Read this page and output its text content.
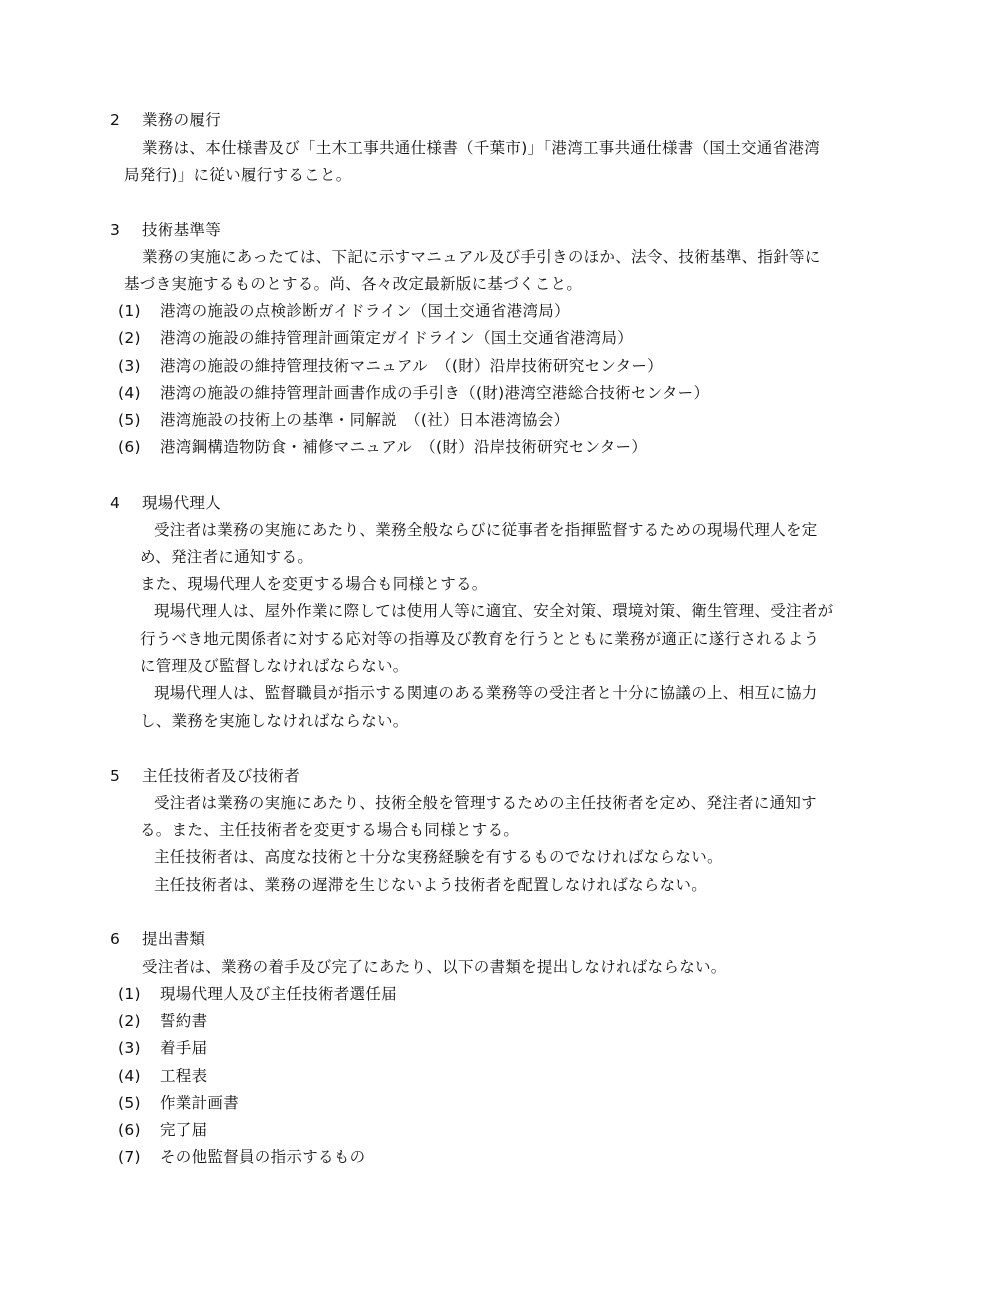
2 業務の履行
業務は、本仕様書及び「土木工事共通仕様書（千葉市)」「港湾工事共通仕様書（国土交通省港湾
局発行)」に従い履行すること。
3 技術基準等
業務の実施にあったては、下記に示すマニュアル及び手引きのほか、法令、技術基準、指針等に
基づき実施するものとする。尚、各々改定最新版に基づくこと。
(1) 港湾の施設の点検診断ガイドライン（国土交通省港湾局）
(2) 港湾の施設の維持管理計画策定ガイドライン（国土交通省港湾局）
(3) 港湾の施設の維持管理技術マニュアル　（(財）沿岸技術研究センター）
(4) 港湾の施設の維持管理計画書作成の手引き（(財)港湾空港総合技術センター）
(5) 港湾施設の技術上の基準・同解説　（(社）日本港湾協会）
(6) 港湾鋼構造物防食・補修マニュアル　（(財）沿岸技術研究センター）
4 現場代理人
受注者は業務の実施にあたり、業務全般ならびに従事者を指揮監督するための現場代理人を定
め、発注者に通知する。
また、現場代理人を変更する場合も同様とする。
現場代理人は、屋外作業に際しては使用人等に適宜、安全対策、環境対策、衛生管理、受注者が
行うべき地元関係者に対する応対等の指導及び教育を行うとともに業務が適正に遂行されるよう
に管理及び監督しなければならない。
現場代理人は、監督職員が指示する関連のある業務等の受注者と十分に協議の上、相互に協力
し、業務を実施しなければならない。
5 主任技術者及び技術者
受注者は業務の実施にあたり、技術全般を管理するための主任技術者を定め、発注者に通知す
る。また、主任技術者を変更する場合も同様とする。
主任技術者は、高度な技術と十分な実務経験を有するものでなければならない。
主任技術者は、業務の遅滞を生じないよう技術者を配置しなければならない。
6 提出書類
受注者は、業務の着手及び完了にあたり、以下の書類を提出しなければならない。
(1) 現場代理人及び主任技術者選任届
(2) 誓約書
(3) 着手届
(4) 工程表
(5) 作業計画書
(6) 完了届
(7) その他監督員の指示するもの
